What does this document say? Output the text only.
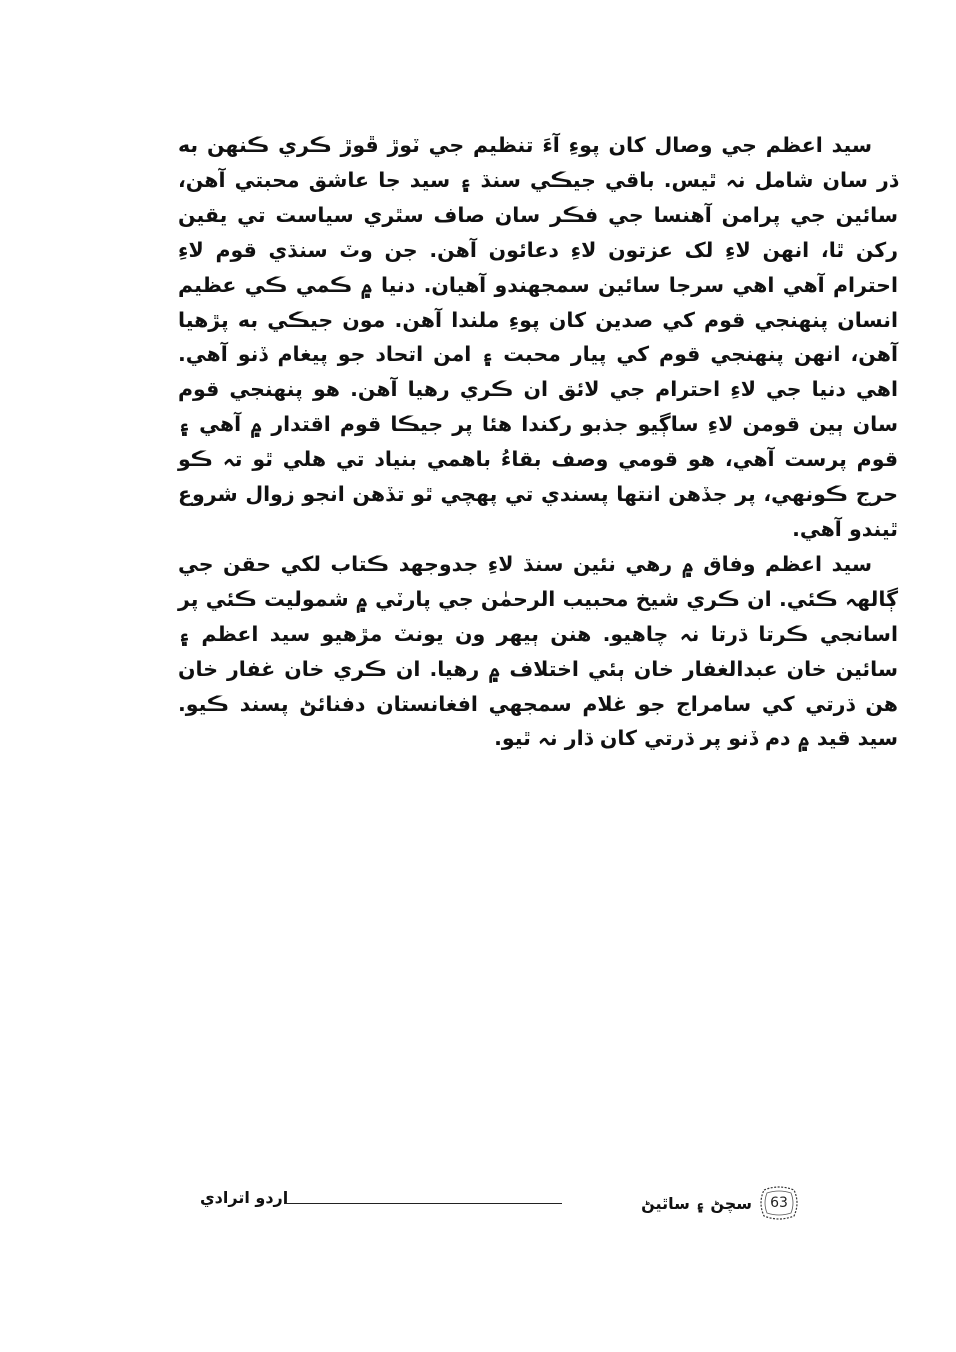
سيد اعظم جي وصال کان پوءِ آءَ تنظيم جي ٽوڙ ڦوڙ ڪري ڪنهن به ڌر سان شامل نہ ٿيس. باقي جيڪي سنڌ ۽ سيد جا عاشق محبتي آهن، سائين جي پرامن آهنسا جي فڪر سان صاف سٿري سياست تي يقين رکن ٿا، انهن لاءِ لک عزتون لاءِ دعائون آهن. جن وٽ سنڌي قوم لاءِ احترام آهي اهي سرجا سائين سمجهندو آهيان. دنيا ۾ ڪمي ڪي عظيم انسان پنهنجي قوم کي صدين کان پوءِ ملندا آهن. مون جيڪي به پڙهيا آهن، انهن پنهنجي قوم کي پيار محبت ۽ امن اتحاد جو پيغام ڏنو آهي. اهي دنيا جي لاءِ احترام جي لائق ان ڪري رهيا آهن. هو پنهنجي قوم سان ٻين قومن لاءِ ساڳيو جذبو رکندا هئا پر جيڪا قوم اقتدار ۾ آهي ۽ قوم پرست آهي، هو قومي وصف بقاءُ باهمي بنياد تي هلي ٿو تہ ڪو حرج ڪونهي، پر جڏهن انتها پسندي تي پهچي ٿو تڏهن انجو زوال شروع ٿيندو آهي.

سيد اعظم وفاق ۾ رهي نئين سنڌ لاءِ جدوجهد ڪتاب لکي حقن جي ڳالهہ ڪئي. ان ڪري شيخ محبيب الرحمٰن جي پارٽي ۾ شموليت ڪئي پر اسانجي ڪرتا ڌرتا نہ چاهيو. هنن ٻيهر ون يونٽ مڙهيو سيد اعظم ۽ سائين خان عبدالغفار خان ٻئي اختلاف ۾ رهيا. ان ڪري خان غفار خان هن ڌرتي کي سامراج جو غلام سمجهي افغانستان دفنائڻ پسند ڪيو. سيد قيد ۾ دم ڏنو پر ڌرتي کان ڌار نہ ٿيو.

63
سچڻ ۽ ساٿيڻ
اردو اترادي
